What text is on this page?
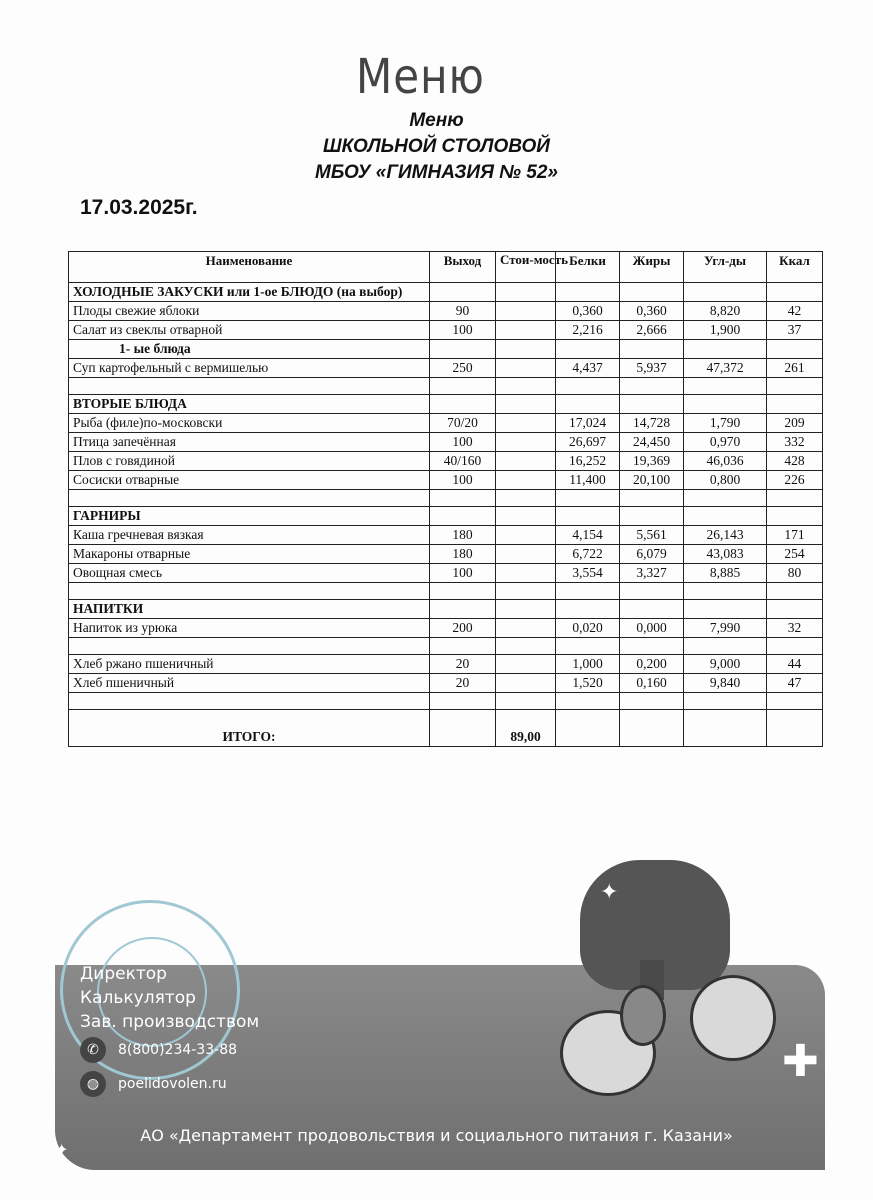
Меню
Меню
ШКОЛЬНОЙ СТОЛОВОЙ
МБОУ «ГИМНАЗИЯ № 52»
17.03.2025г.
Наименование	Выход	Стои-мость	Белки	Жиры	Угл-ды	Ккал
ХОЛОДНЫЕ ЗАКУСКИ или 1-ое БЛЮДО (на выбор)						
Плоды свежие яблоки	90		0,360	0,360	8,820	42
Салат из свеклы отварной	100		2,216	2,666	1,900	37
1- ые блюда						
Суп картофельный с вермишелью	250		4,437	5,937	47,372	261

ВТОРЫЕ БЛЮДА						
Рыба (филе)по-московски	70/20		17,024	14,728	1,790	209
Птица запечённая	100		26,697	24,450	0,970	332
Плов с говядиной	40/160		16,252	19,369	46,036	428
Сосиски отварные	100		11,400	20,100	0,800	226

ГАРНИРЫ						
Каша гречневая вязкая	180		4,154	5,561	26,143	171
Макароны отварные	180		6,722	6,079	43,083	254
Овощная смесь	100		3,554	3,327	8,885	80

НАПИТКИ						
Напиток из урюка	200		0,020	0,000	7,990	32

Хлеб ржано пшеничный	20		1,000	0,200	9,000	44
Хлеб пшеничный	20		1,520	0,160	9,840	47

ИТОГО:		89,00				
✦
✚
✦
Директор
Калькулятор
Зав. производством
✆	8(800)234-33-88
◍	poelidovolen.ru
АО «Департамент продовольствия и социального питания г. Казани»
